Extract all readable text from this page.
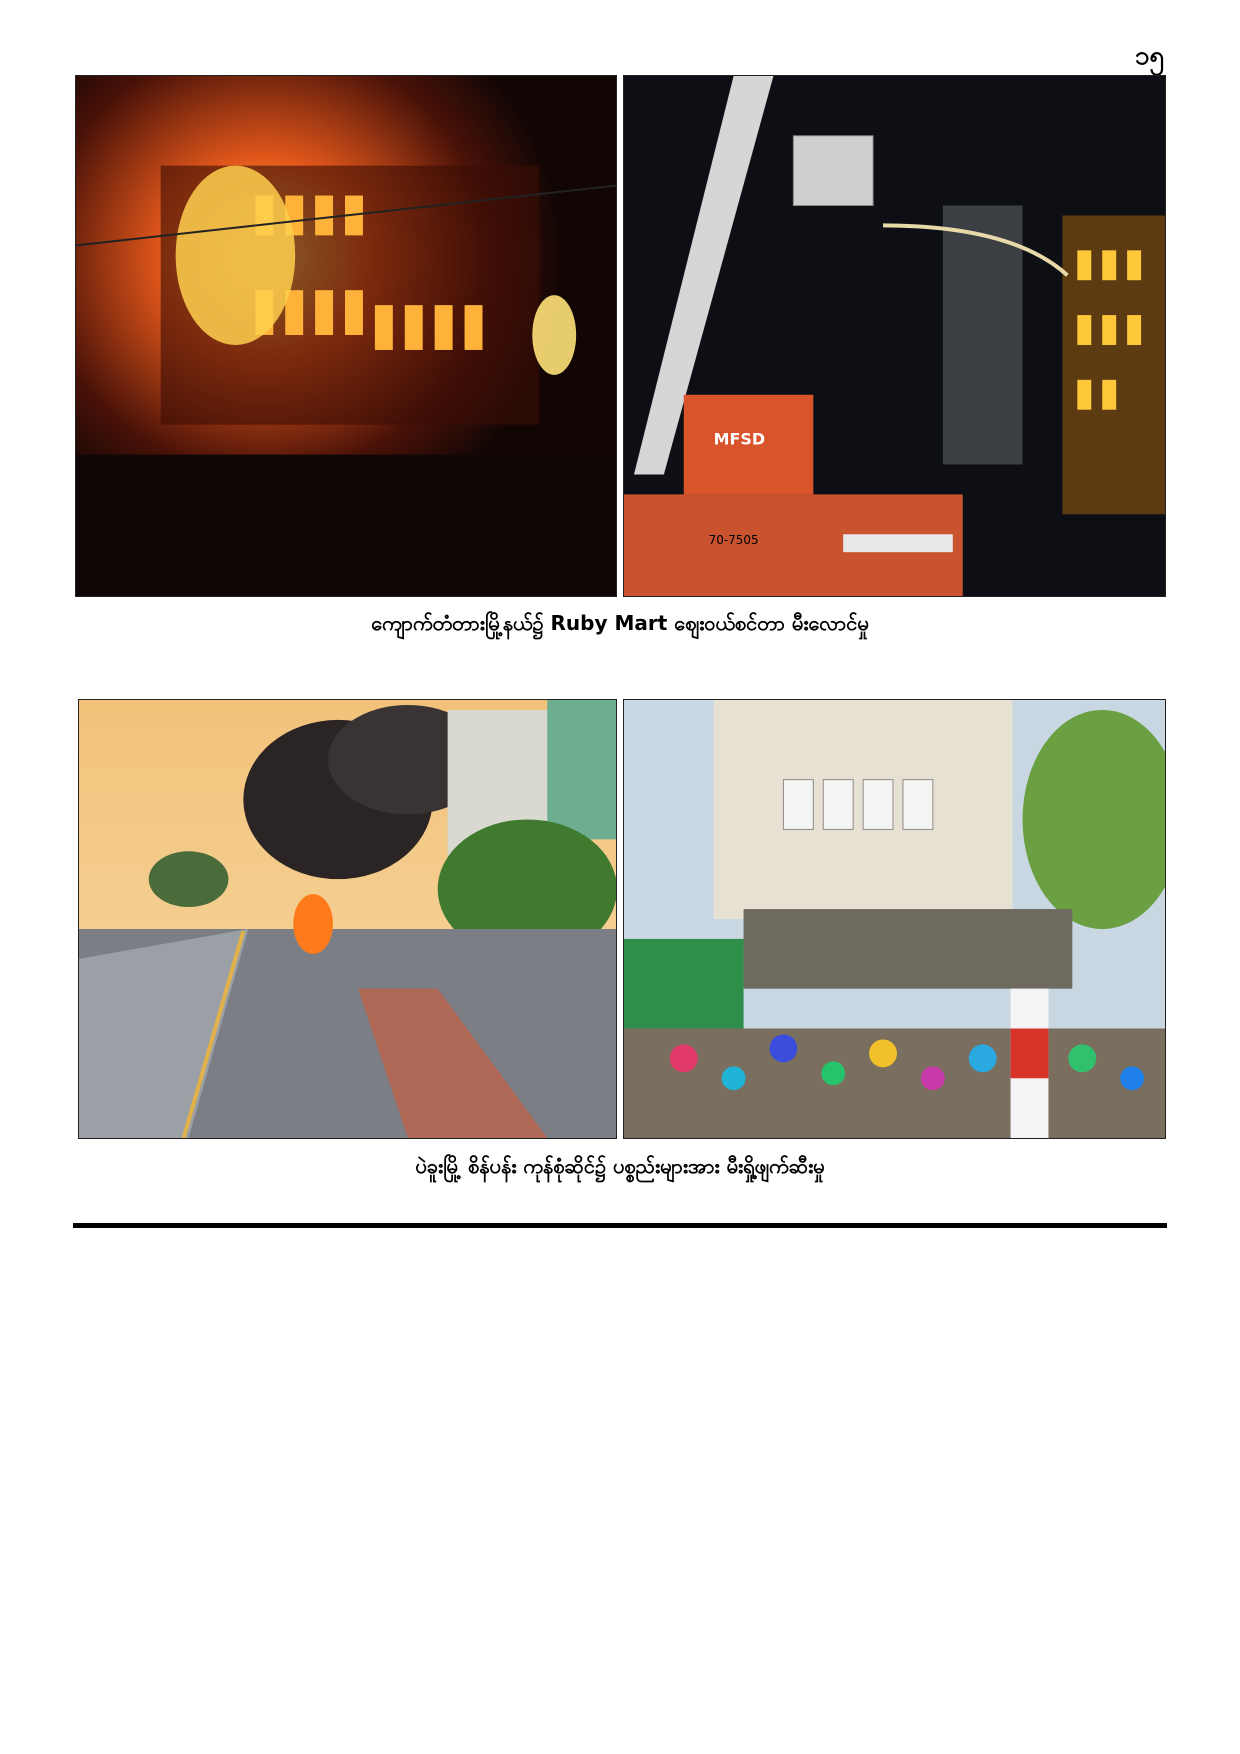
၁၅
MFSD
70-7505
ကျောက်တံတားမြို့နယ်၌ Ruby Mart ဈေးဝယ်စင်တာ မီးလောင်မှု
ပဲခူးမြို့ စိန်ပန်း ကုန်စုံဆိုင်၌ ပစ္စည်းများအား မီးရှို့ဖျက်ဆီးမှု
